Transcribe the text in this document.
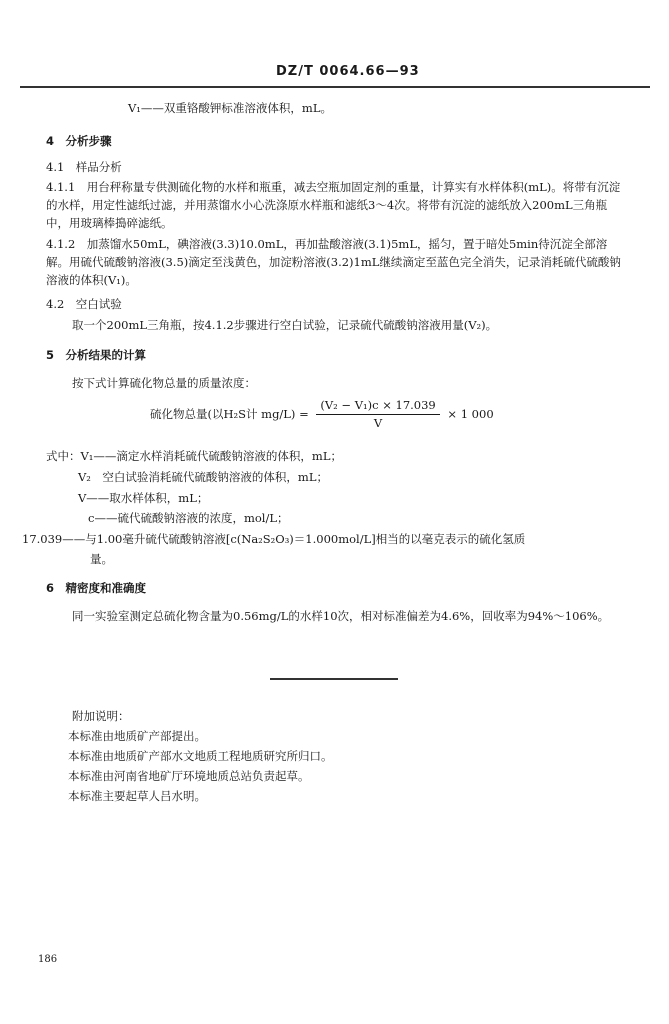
DZ/T 0064.66—93
V₁——双重铬酸钾标准溶液体积，mL。
4　分析步骤
4.1　样品分析
4.1.1　用台秤称量专供测硫化物的水样和瓶重，减去空瓶加固定剂的重量，计算实有水样体积(mL)。将带有沉淀的水样，用定性滤纸过滤，并用蒸馏水小心洗涤原水样瓶和滤纸3～4次。将带有沉淀的滤纸放入200mL三角瓶中，用玻璃棒搗碎滤纸。
4.1.2　加蒸馏水50mL，碘溶液(3.3)10.0mL，再加盐酸溶液(3.1)5mL，摇匀，置于暗处5min待沉淀全部溶解。用硫代硫酸钠溶液(3.5)滴定至浅黄色，加淀粉溶液(3.2)1mL继续滴定至蓝色完全消失，记录消耗硫代硫酸钠溶液的体积(V₁)。
4.2　空白试验
取一个200mL三角瓶，按4.1.2步骤进行空白试验，记录硫代硫酸钠溶液用量(V₂)。
5　分析结果的计算
按下式计算硫化物总量的质量浓度：
硫化物总量(以H₂S计 $mg/L) = \frac{\text{(V₂ − V₁)c × 17.039}}{V} \times 1$ 000
式中：V₁——滴定水样消耗硫代硫酸钠溶液的体积，mL；
V₂　空白试验消耗硫代硫酸钠溶液的体积，mL；
V——取水样体积，mL；
c——硫代硫酸钠溶液的浓度，mol/L；
17.039——与1.00毫升硫代硫酸钠溶液[c(Na₂S₂O₃)＝1.000mol/L]相当的以毫克表示的硫化氢质
量。
6　精密度和准确度
同一实验室测定总硫化物含量为0.56mg/L的水样10次，相对标准偏差为4.6%，回收率为94%～106%。
附加说明：
本标准由地质矿产部提出。
本标准由地质矿产部水文地质工程地质研究所归口。
本标准由河南省地矿厅环境地质总站负责起草。
本标准主要起草人吕水明。
186
